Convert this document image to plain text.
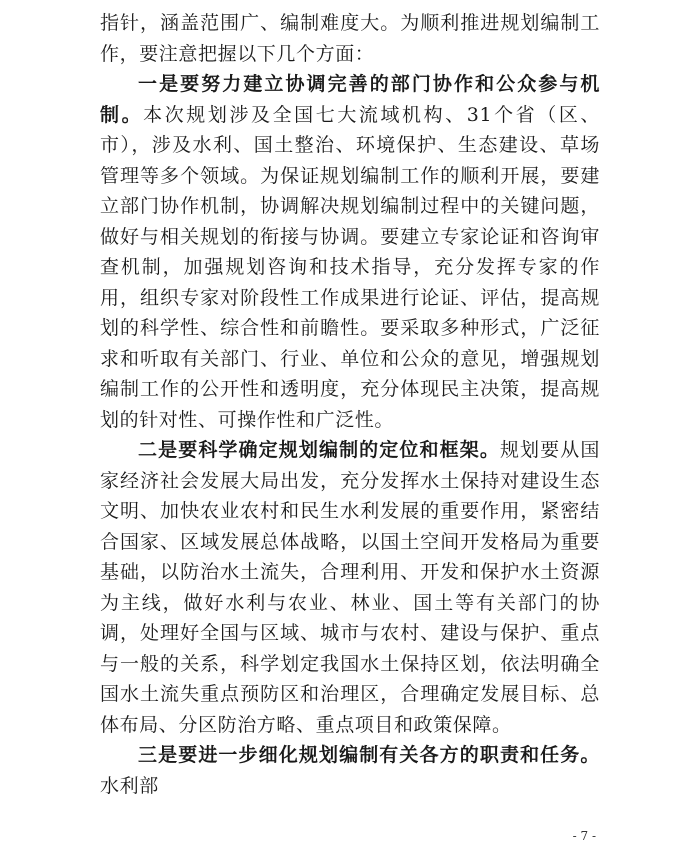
指针，涵盖范围广、编制难度大。为顺利推进规划编制工作，要注意把握以下几个方面：

一是要努力建立协调完善的部门协作和公众参与机制。本次规划涉及全国七大流域机构、31个省（区、市），涉及水利、国土整治、环境保护、生态建设、草场管理等多个领域。为保证规划编制工作的顺利开展，要建立部门协作机制，协调解决规划编制过程中的关键问题，做好与相关规划的衔接与协调。要建立专家论证和咨询审查机制，加强规划咨询和技术指导，充分发挥专家的作用，组织专家对阶段性工作成果进行论证、评估，提高规划的科学性、综合性和前瞻性。要采取多种形式，广泛征求和听取有关部门、行业、单位和公众的意见，增强规划编制工作的公开性和透明度，充分体现民主决策，提高规划的针对性、可操作性和广泛性。

二是要科学确定规划编制的定位和框架。规划要从国家经济社会发展大局出发，充分发挥水土保持对建设生态文明、加快农业农村和民生水利发展的重要作用，紧密结合国家、区域发展总体战略，以国土空间开发格局为重要基础，以防治水土流失，合理利用、开发和保护水土资源为主线，做好水利与农业、林业、国土等有关部门的协调，处理好全国与区域、城市与农村、建设与保护、重点与一般的关系，科学划定我国水土保持区划，依法明确全国水土流失重点预防区和治理区，合理确定发展目标、总体布局、分区防治方略、重点项目和政策保障。

三是要进一步细化规划编制有关各方的职责和任务。水利部

- 7 -
